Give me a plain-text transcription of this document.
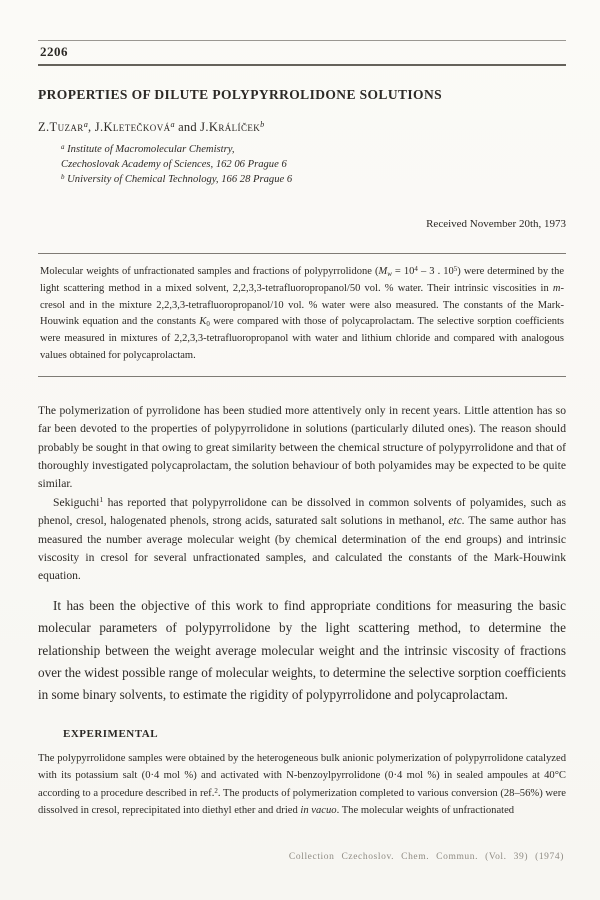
2206
PROPERTIES OF DILUTE POLYPYRROLIDONE SOLUTIONS

Z.Tuzar$^a$, J.Kletečková$^a$ and J.Králíček$^b$

$^a$ Institute of Macromolecular Chemistry,

Czechoslovak Academy of Sciences, 162 06 Prague 6

$^b$ University of Chemical Technology, 166 28 Prague 6

Received November 20th, 1973

Molecular weights of unfractionated samples and fractions of polypyrrolidone ($Mw = 10^4 - 3$ . $10^5$) were determined by the light scattering method in a mixed solvent, 2,2,3,3-tetrafluoropropanol/50 vol. % water. Their intrinsic viscosities in m-cresol and in the mixture 2,2,3,3-tetrafluoropropanol/10 vol. % water were also measured. The constants of the Mark-Houwink equation and the constants K0 were compared with those of polycaprolactam. The selective sorption coefficients were measured in mixtures of 2,2,3,3-tetrafluoropropanol with water and lithium chloride and compared with analogous values obtained for polycaprolactam.

The polymerization of pyrrolidone has been studied more attentively only in recent years. Little attention has so far been devoted to the properties of polypyrrolidone in solutions (particularly diluted ones). The reason should probably be sought in that owing to great similarity between the chemical structure of polypyrrolidone and that of thoroughly investigated polycaprolactam, the solution behaviour of both polyamides may be expected to be quite similar.

Sekiguchi$^1$ has reported that polypyrrolidone can be dissolved in common solvents of polyamides, such as phenol, cresol, halogenated phenols, strong acids, saturated salt solutions in methanol, etc. The same author has measured the number average molecular weight (by chemical determination of the end groups) and intrinsic viscosity in cresol for several unfractionated samples, and calculated the constants of the Mark-Houwink equation.

It has been the objective of this work to find appropriate conditions for measuring the basic molecular parameters of polypyrrolidone by the light scattering method, to determine the relationship between the weight average molecular weight and the intrinsic viscosity of fractions over the widest possible range of molecular weights, to determine the selective sorption coefficients in some binary solvents, to estimate the rigidity of polypyrrolidone and polycaprolactam.

EXPERIMENTAL

The polypyrrolidone samples were obtained by the heterogeneous bulk anionic polymerization of polypyrrolidone catalyzed with its potassium salt (0·4 mol %) and activated with N-benzoylpyrrolidone (0·4 mol %) in sealed ampoules at 40°C according to a procedure described in ref.$^2$. The products of polymerization completed to various conversion (28–56%) were dissolved in cresol, reprecipitated into diethyl ether and dried in vacuo. The molecular weights of unfractionated

Collection Czechoslov. Chem. Commun. (Vol. 39) (1974)
